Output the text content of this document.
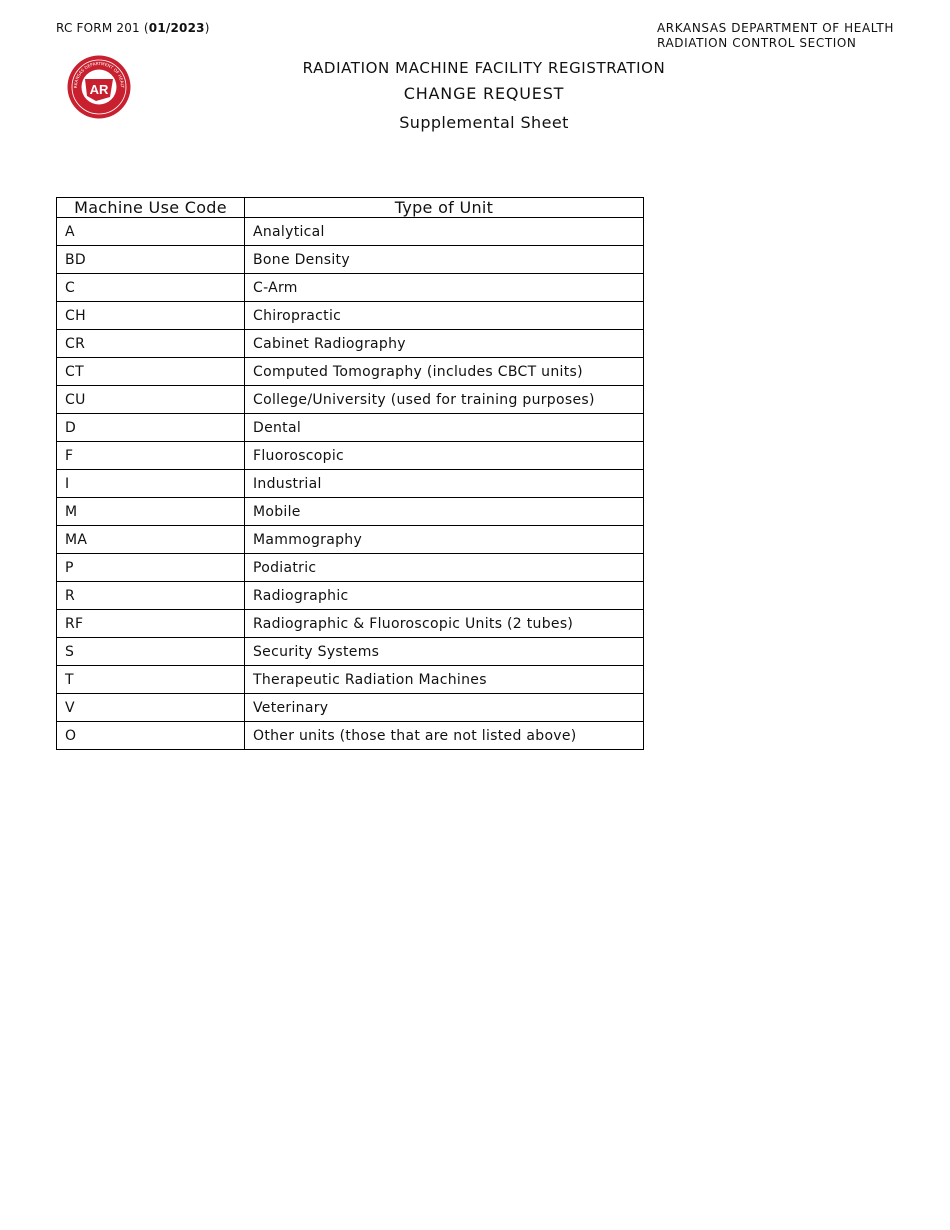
RC FORM 201 (01/2023)	ARKANSAS DEPARTMENT OF HEALTH
RADIATION CONTROL SECTION
AR
RKANSAS DEPARTMENT OF HEALT
RADIATION MACHINE FACILITY REGISTRATION
CHANGE REQUEST
Supplemental Sheet
Machine Use Code	Type of Unit
A	Analytical
BD	Bone Density
C	C-Arm
CH	Chiropractic
CR	Cabinet Radiography
CT	Computed Tomography (includes CBCT units)
CU	College/University (used for training purposes)
D	Dental
F	Fluoroscopic
I	Industrial
M	Mobile
MA	Mammography
P	Podiatric
R	Radiographic
RF	Radiographic & Fluoroscopic Units (2 tubes)
S	Security Systems
T	Therapeutic Radiation Machines
V	Veterinary
O	Other units (those that are not listed above)
